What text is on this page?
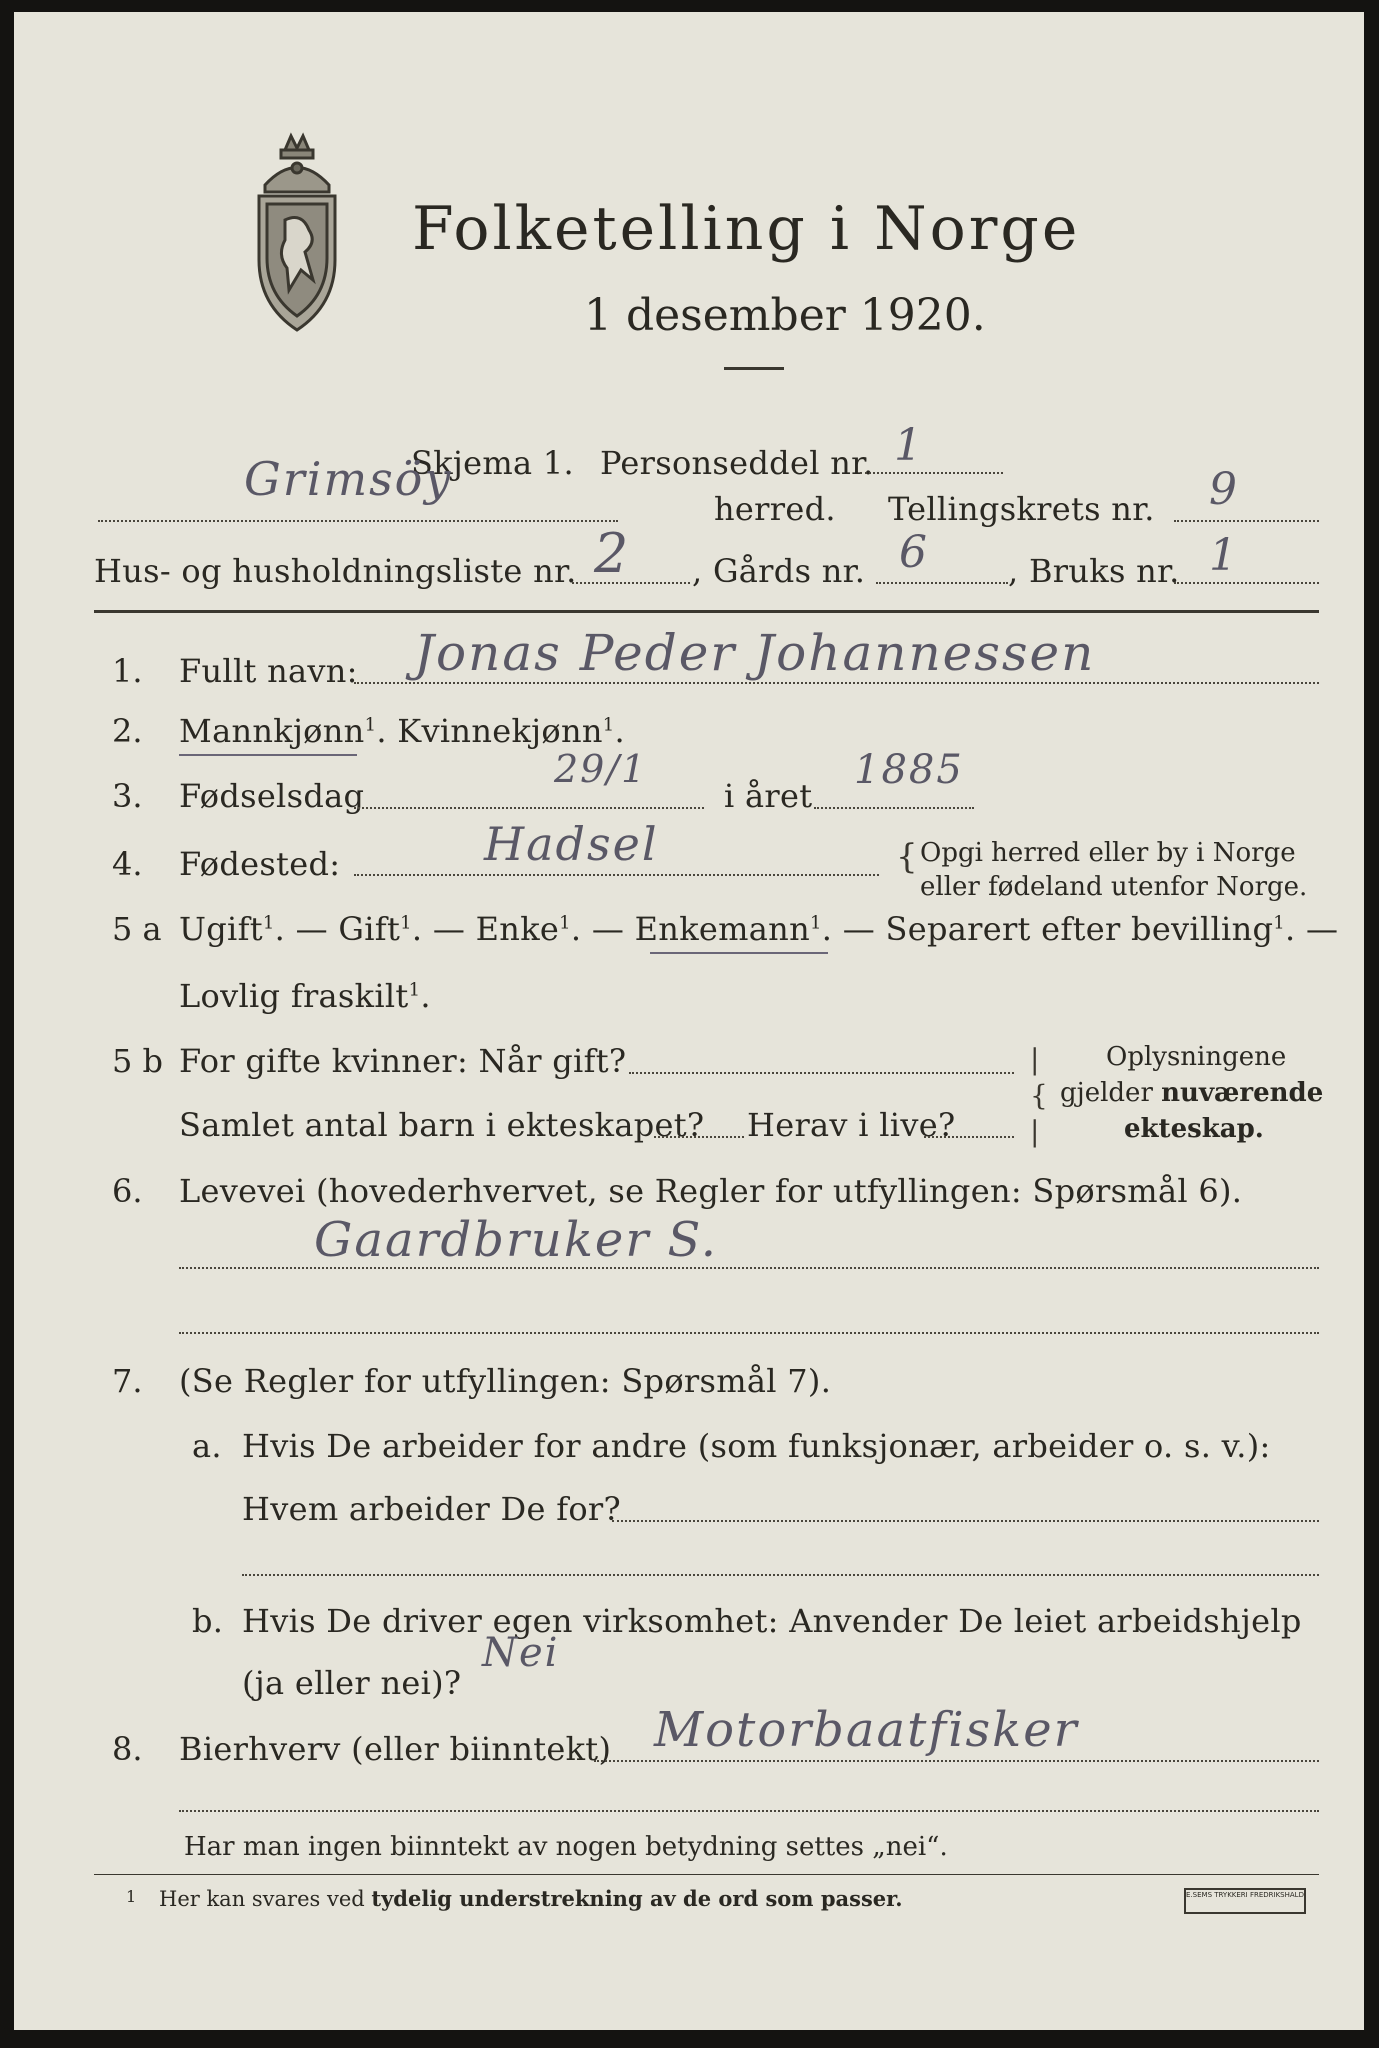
Folketelling i Norge
1 desember 1920.
Skjema 1. Personseddel nr. 1
Grimsöy
herred. Tellingskrets nr. 9
Hus- og husholdningsliste nr. 2 , Gårds nr. 6 , Bruks nr. 1
1. Fullt navn: Jonas Peder Johannessen
2. Mannkjønn$^1$. Kvinnekjønn$^1$.
3. Fødselsdag
29/1
i året
1885
4. Fødested:	Hadsel	{ Opgi herred eller by i Norge
eller fødeland utenfor Norge.
5 a Ugift$^1$. — Gift$^1$. — Enke$^1$. — Enkemann$^1$. — Separert efter bevilling$^1$. —
Lovlig fraskilt$^1$.
5 b For gifte kvinner: Når gift?
Samlet antal barn i ekteskapet? Herav i live?
|
{
|
Oplysningene
gjelder nuværende
ekteskap.
6. Levevei (hovederhvervet, se Regler for utfyllingen: Spørsmål 6).
Gaardbruker S.
7. (Se Regler for utfyllingen: Spørsmål 7).
a. Hvis De arbeider for andre (som funksjonær, arbeider o. s. v.):
Hvem arbeider De for?
b. Hvis De driver egen virksomhet: Anvender De leiet arbeidshjelp
(ja eller nei)?
Nei
8. Bierhverv (eller biinntekt) Motorbaatfisker
Har man ingen biinntekt av nogen betydning settes „nei“.
1 Her kan svares ved tydelig understrekning av de ord som passer.	E.SEMS TRYKKERI FREDRIKSHALD
